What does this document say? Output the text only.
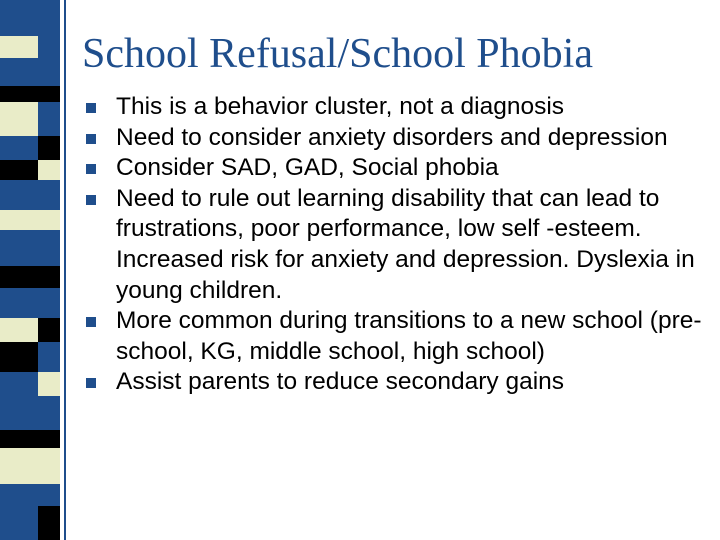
School Refusal/School Phobia
This is a behavior cluster, not a diagnosis
Need to consider anxiety disorders and depression
Consider SAD, GAD, Social phobia
Need to rule out learning disability that can lead to frustrations, poor performance, low self -esteem. Increased risk for anxiety and depression. Dyslexia in young children.
More common during transitions to a new school (pre-school, KG, middle school, high school)
Assist parents to reduce secondary gains
